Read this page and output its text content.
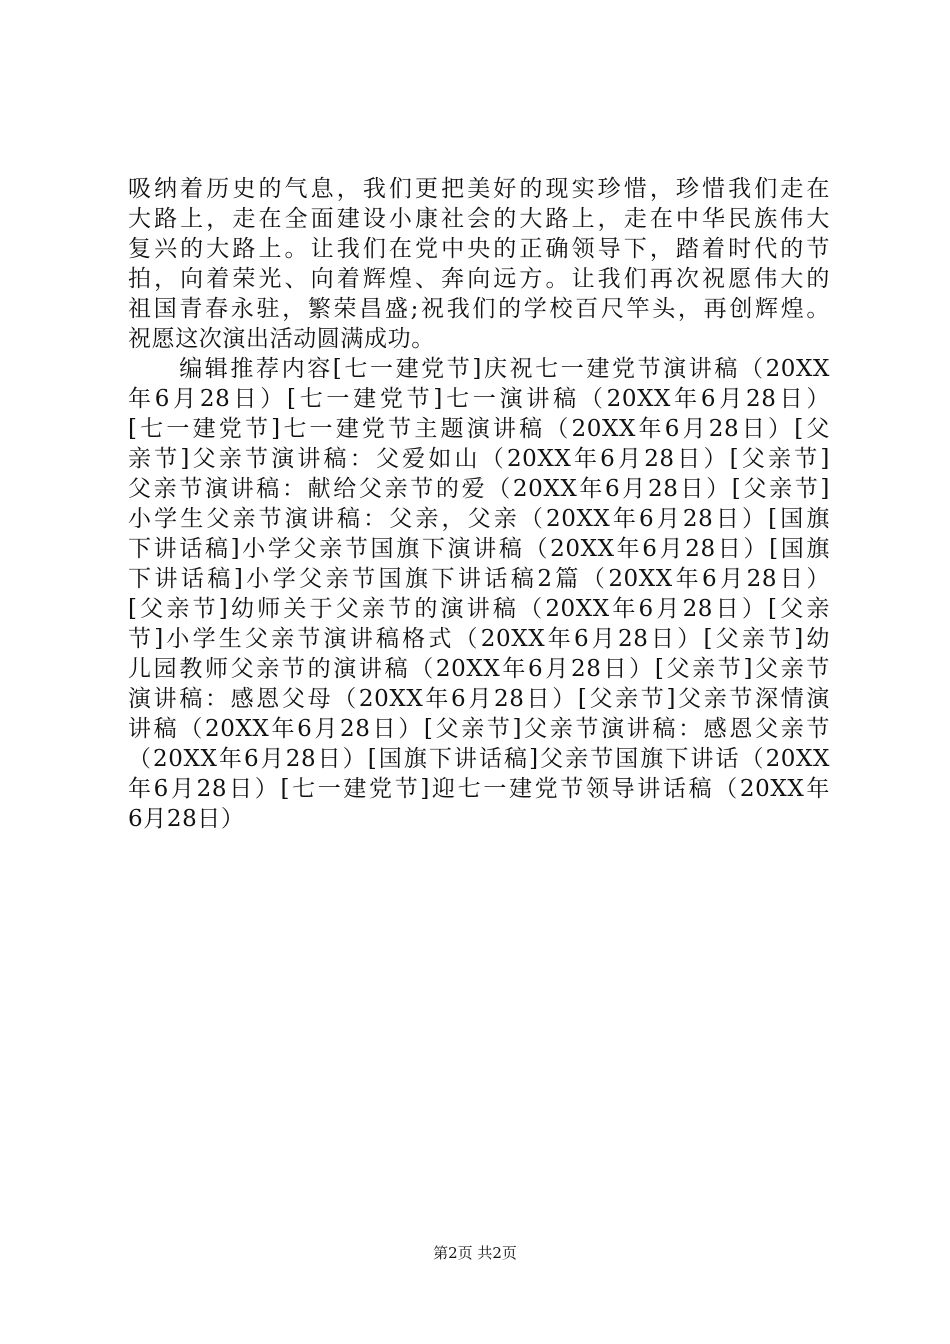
吸纳着历史的气息，我们更把美好的现实珍惜，珍惜我们走在
大路上，走在全面建设小康社会的大路上，走在中华民族伟大
复兴的大路上。让我们在党中央的正确领导下，踏着时代的节
拍，向着荣光、向着辉煌、奔向远方。让我们再次祝愿伟大的
祖国青春永驻，繁荣昌盛;祝我们的学校百尺竿头，再创辉煌。
祝愿这次演出活动圆满成功。
　　编辑推荐内容[七一建党节]庆祝七一建党节演讲稿（20XX
年6月28日）[七一建党节]七一演讲稿（20XX年6月28日）
[七一建党节]七一建党节主题演讲稿（20XX年6月28日）[父
亲节]父亲节演讲稿：父爱如山（20XX年6月28日）[父亲节]
父亲节演讲稿：献给父亲节的爱（20XX年6月28日）[父亲节]
小学生父亲节演讲稿：父亲，父亲（20XX年6月28日）[国旗
下讲话稿]小学父亲节国旗下演讲稿（20XX年6月28日）[国旗
下讲话稿]小学父亲节国旗下讲话稿2篇（20XX年6月28日）
[父亲节]幼师关于父亲节的演讲稿（20XX年6月28日）[父亲
节]小学生父亲节演讲稿格式（20XX年6月28日）[父亲节]幼
儿园教师父亲节的演讲稿（20XX年6月28日）[父亲节]父亲节
演讲稿：感恩父母（20XX年6月28日）[父亲节]父亲节深情演
讲稿（20XX年6月28日）[父亲节]父亲节演讲稿：感恩父亲节
（20XX年6月28日）[国旗下讲话稿]父亲节国旗下讲话（20XX
年6月28日）[七一建党节]迎七一建党节领导讲话稿（20XX年
6月28日）
第2页 共2页
